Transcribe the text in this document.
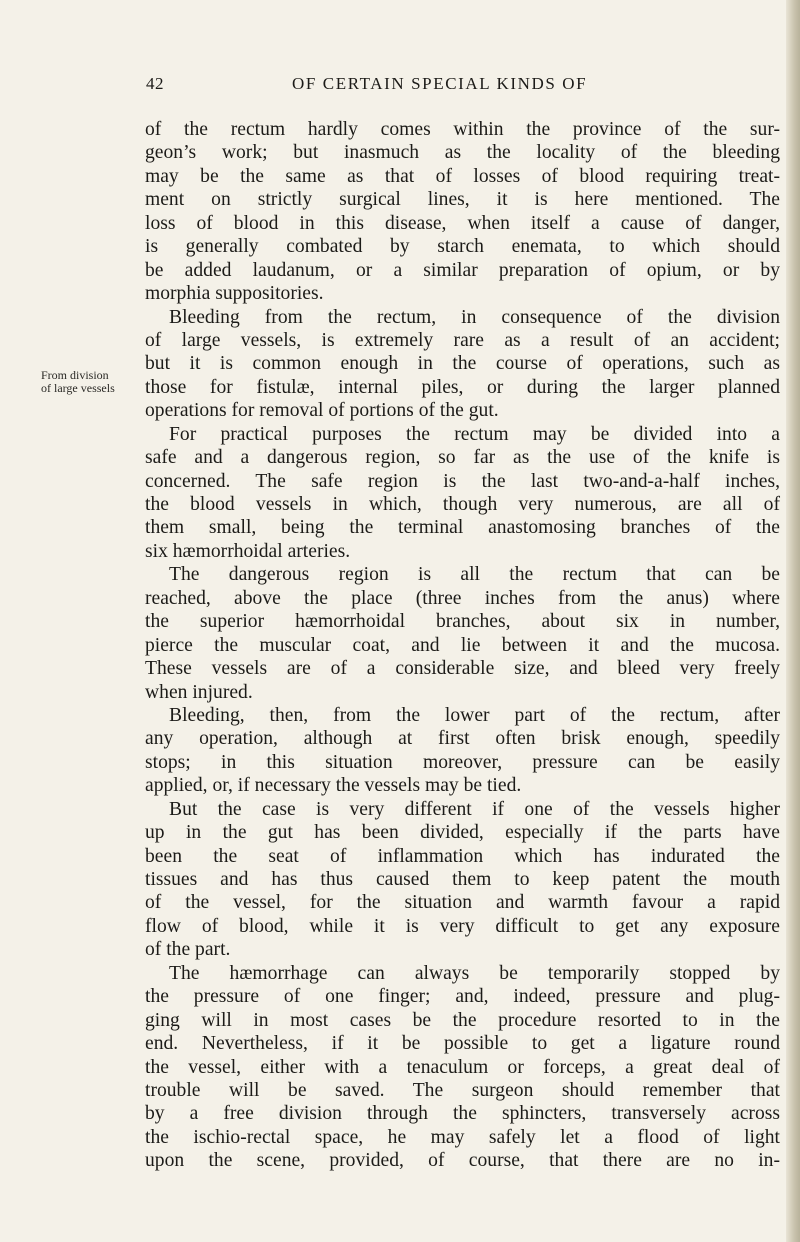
42	OF CERTAIN SPECIAL KINDS OF
From division
of large vessels
of the rectum hardly comes within the province of the sur-
geon’s work; but inasmuch as the locality of the bleeding
may be the same as that of losses of blood requiring treat-
ment on strictly surgical lines, it is here mentioned. The
loss of blood in this disease, when itself a cause of danger,
is generally combated by starch enemata, to which should
be added laudanum, or a similar preparation of opium, or by
morphia suppositories.
Bleeding from the rectum, in consequence of the division
of large vessels, is extremely rare as a result of an accident;
but it is common enough in the course of operations, such as
those for fistulæ, internal piles, or during the larger planned
operations for removal of portions of the gut.
For practical purposes the rectum may be divided into a
safe and a dangerous region, so far as the use of the knife is
concerned. The safe region is the last two-and-a-half inches,
the blood vessels in which, though very numerous, are all of
them small, being the terminal anastomosing branches of the
six hæmorrhoidal arteries.
The dangerous region is all the rectum that can be
reached, above the place (three inches from the anus) where
the superior hæmorrhoidal branches, about six in number,
pierce the muscular coat, and lie between it and the mucosa.
These vessels are of a considerable size, and bleed very freely
when injured.
Bleeding, then, from the lower part of the rectum, after
any operation, although at first often brisk enough, speedily
stops; in this situation moreover, pressure can be easily
applied, or, if necessary the vessels may be tied.
But the case is very different if one of the vessels higher
up in the gut has been divided, especially if the parts have
been the seat of inflammation which has indurated the
tissues and has thus caused them to keep patent the mouth
of the vessel, for the situation and warmth favour a rapid
flow of blood, while it is very difficult to get any exposure
of the part.
The hæmorrhage can always be temporarily stopped by
the pressure of one finger; and, indeed, pressure and plug-
ging will in most cases be the procedure resorted to in the
end. Nevertheless, if it be possible to get a ligature round
the vessel, either with a tenaculum or forceps, a great deal of
trouble will be saved. The surgeon should remember that
by a free division through the sphincters, transversely across
the ischio-rectal space, he may safely let a flood of light
upon the scene, provided, of course, that there are no in-
